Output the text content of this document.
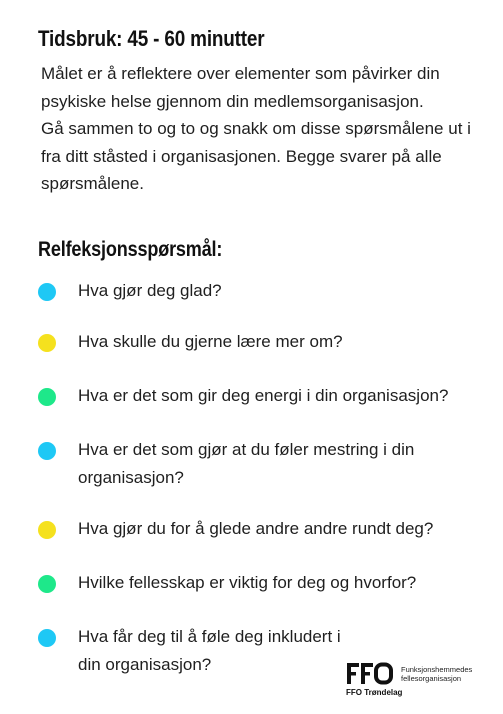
Tidsbruk: 45 - 60 minutter

Målet er å reflektere over elementer som påvirker din psykiske helse gjennom din medlemsorganisasjon.

Gå sammen to og to og snakk om disse spørsmålene ut i fra ditt ståsted i organisasjonen. Begge svarer på alle spørsmålene.

Relfeksjonsspørsmål:
Hva gjør deg glad?
Hva skulle du gjerne lære mer om?
Hva er det som gir deg energi i din organisasjon?
Hva er det som gjør at du føler mestring i din organisasjon?
Hva gjør du for å glede andre andre rundt deg?
Hvilke fellesskap er viktig for deg og hvorfor?
Hva får deg til å føle deg inkludert i din organisasjon?
FFO Trøndelag
Funksjonshemmedes
fellesorganisasjon
